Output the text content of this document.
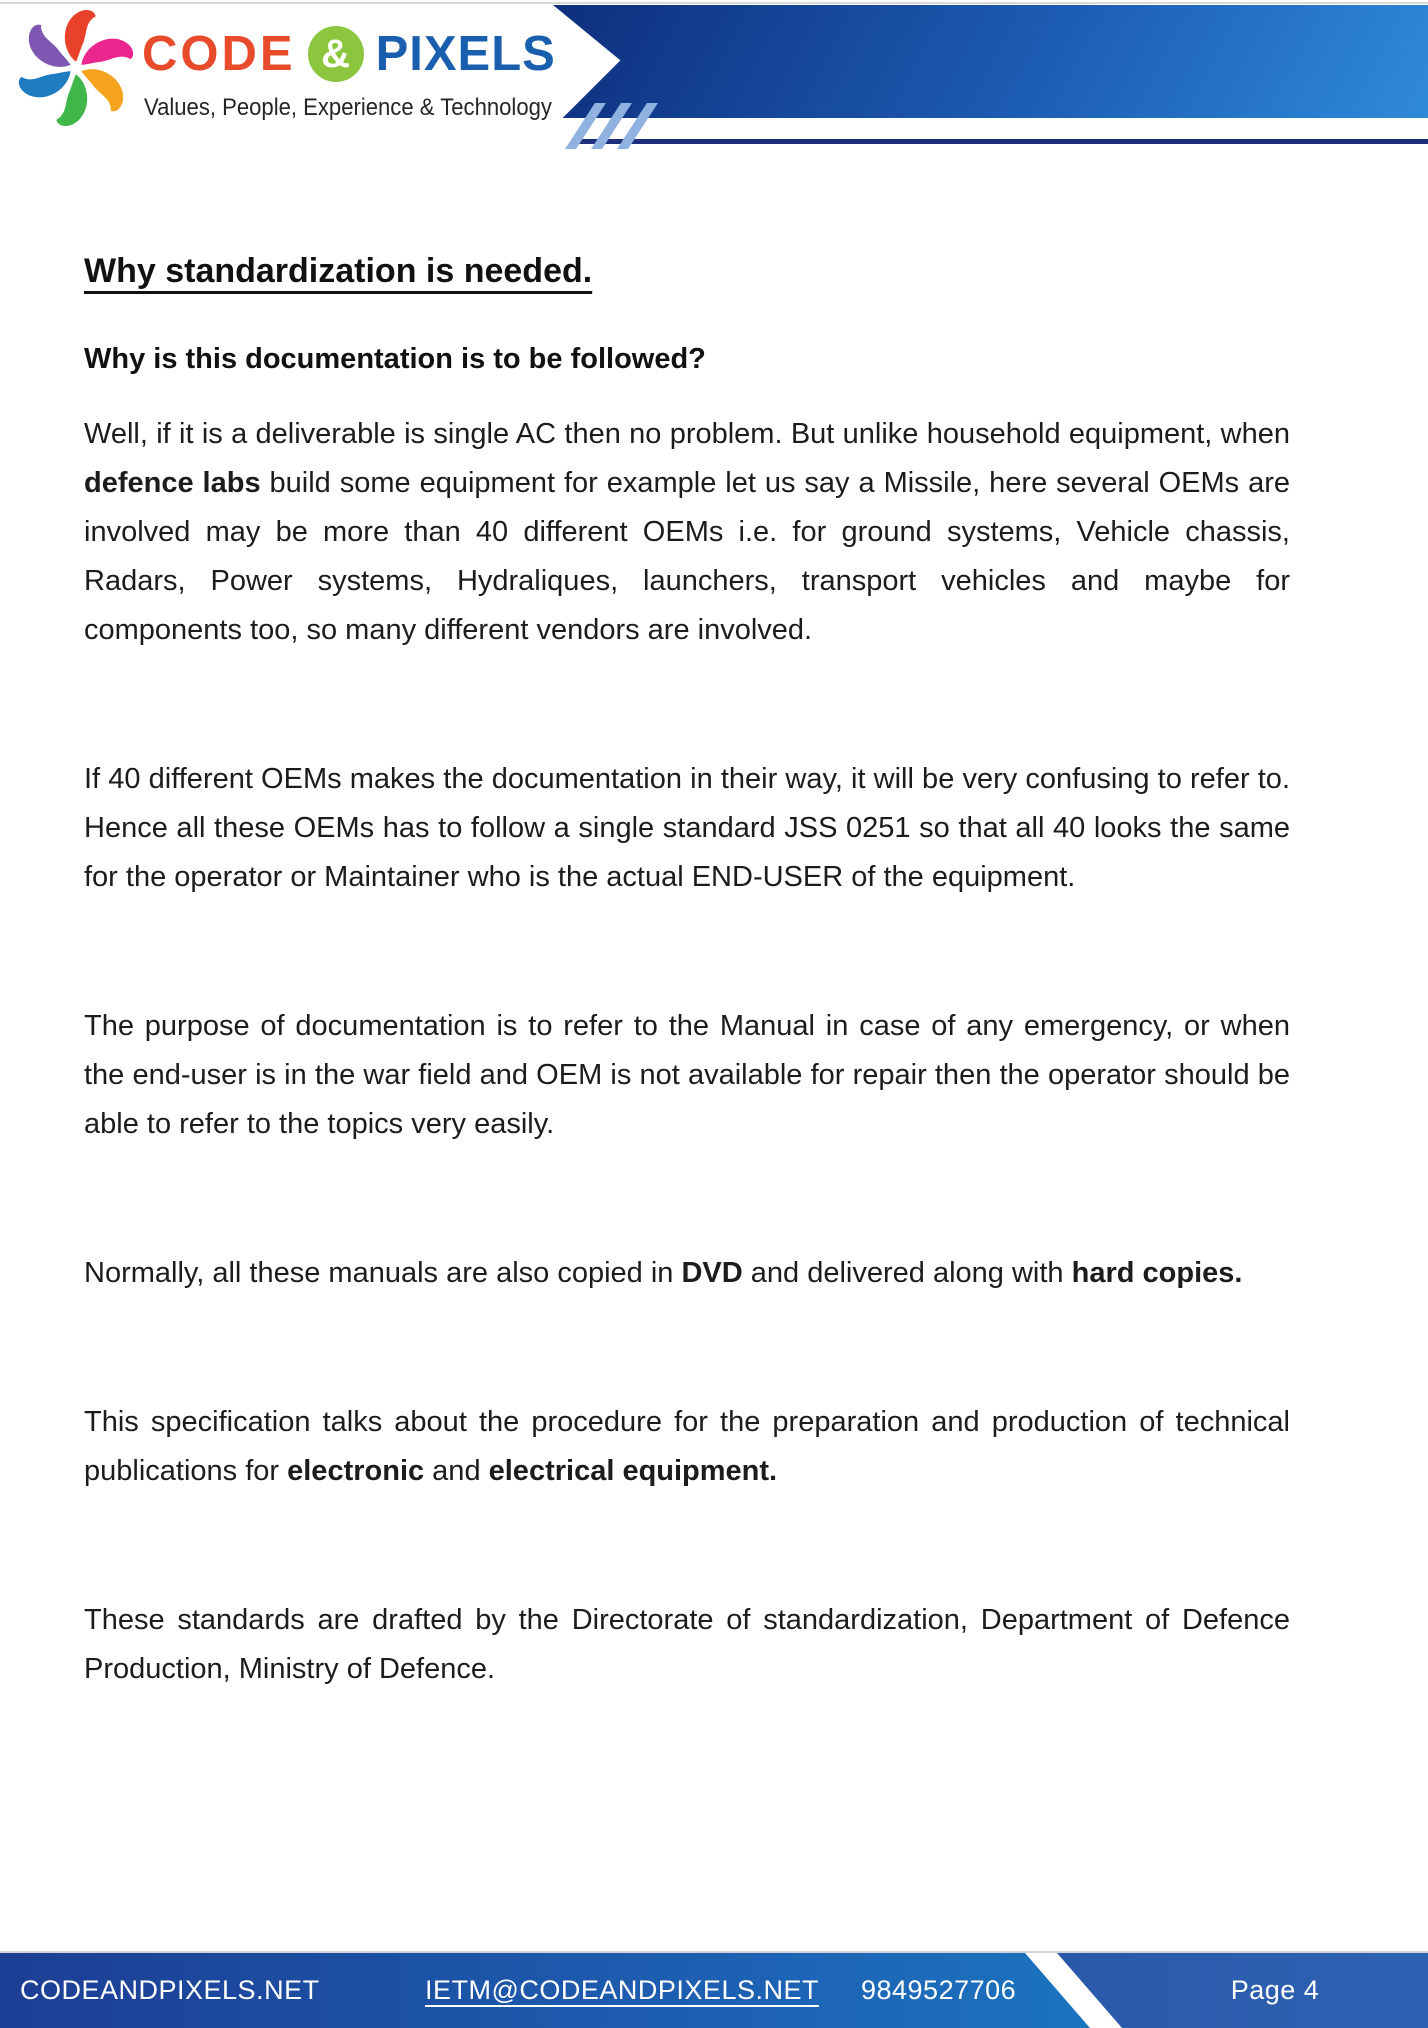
CODE & PIXELS
Values, People, Experience & Technology
Why standardization is needed.
Why is this documentation is to be followed?

Well, if it is a deliverable is single AC then no problem. But unlike household equipment, when defence labs build some equipment for example let us say a Missile, here several OEMs are involved may be more than 40 different OEMs i.e. for ground systems, Vehicle chassis, Radars, Power systems, Hydraliques, launchers, transport vehicles and maybe for components too, so many different vendors are involved.

If 40 different OEMs makes the documentation in their way, it will be very confusing to refer to. Hence all these OEMs has to follow a single standard JSS 0251 so that all 40 looks the same for the operator or Maintainer who is the actual END-USER of the equipment.

The purpose of documentation is to refer to the Manual in case of any emergency, or when the end-user is in the war field and OEM is not available for repair then the operator should be able to refer to the topics very easily.

Normally, all these manuals are also copied in DVD and delivered along with hard copies.

This specification talks about the procedure for the preparation and production of technical publications for electronic and electrical equipment.

These standards are drafted by the Directorate of standardization, Department of Defence Production, Ministry of Defence.

CODEANDPIXELS.NET	IETM@CODEANDPIXELS.NET 9849527706	Page 4
